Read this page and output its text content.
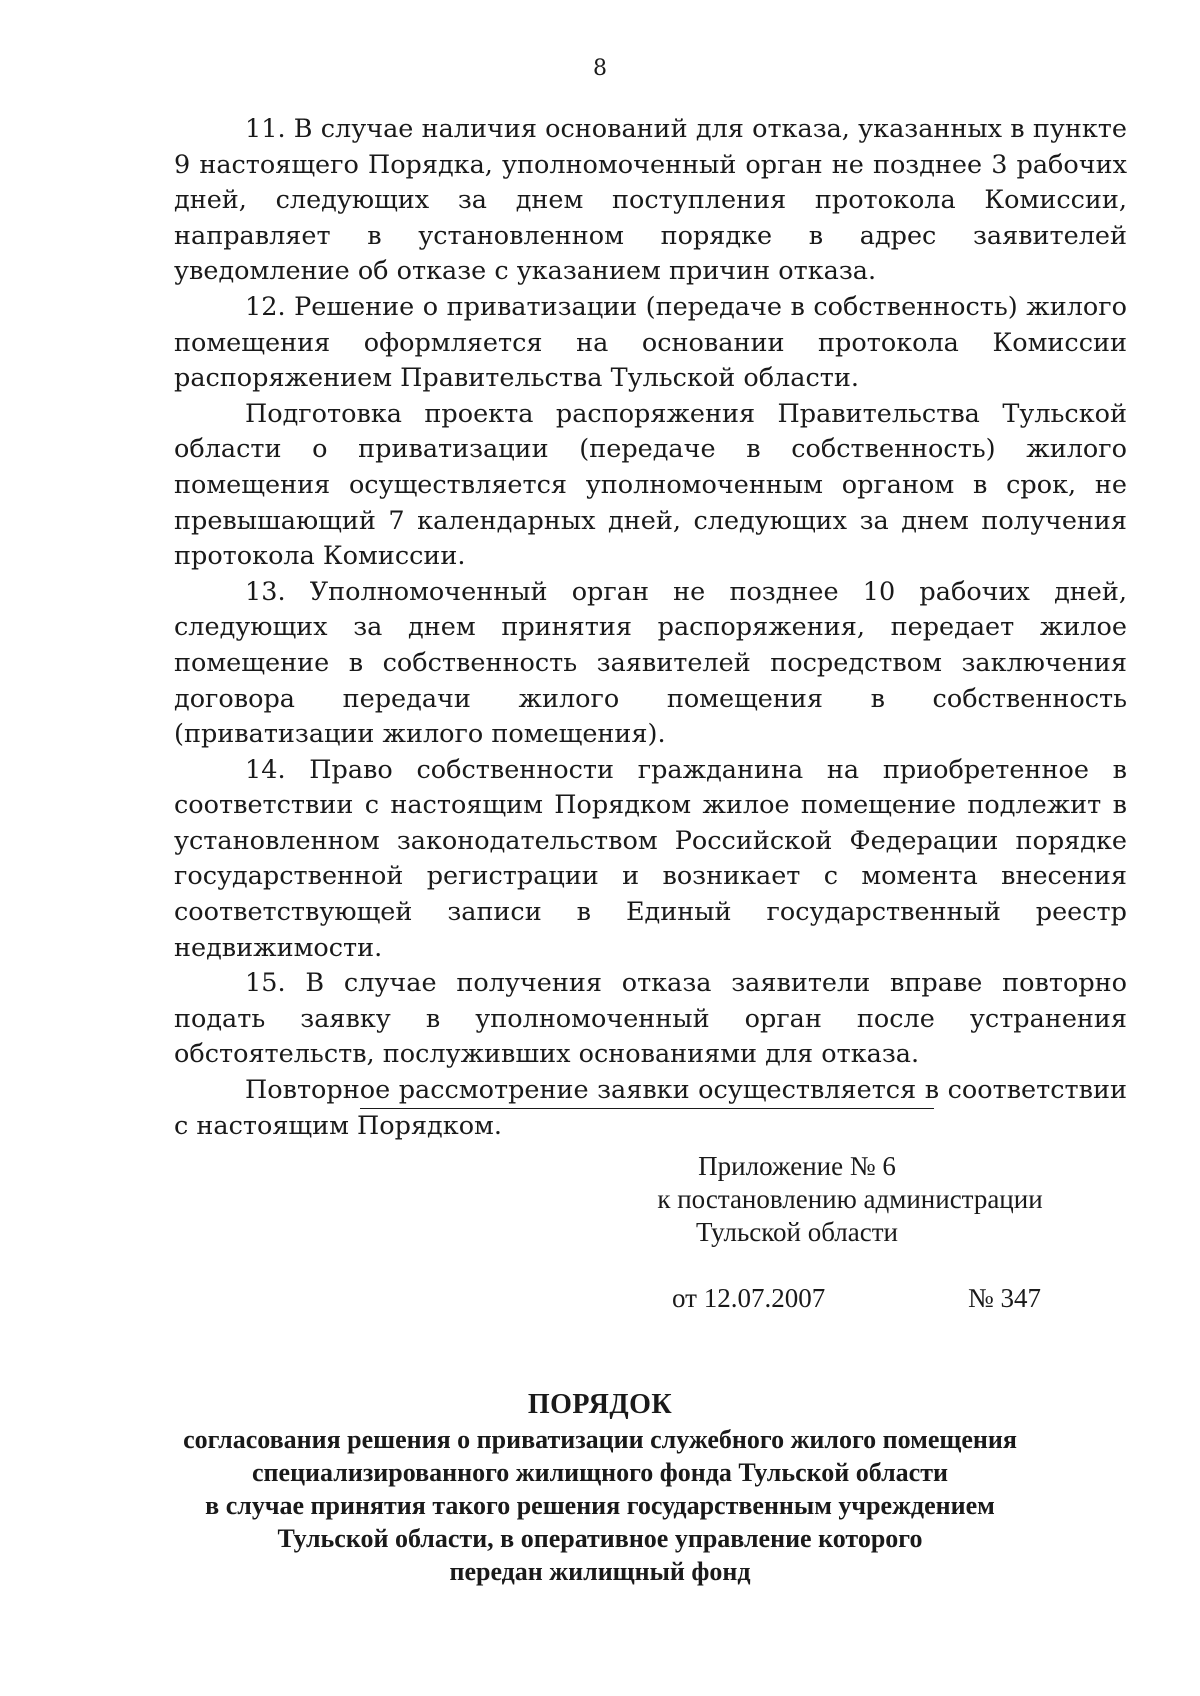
8

11. В случае наличия оснований для отказа, указанных в пункте 9 настоящего Порядка, уполномоченный орган не позднее 3 рабочих дней, следующих за днем поступления протокола Комиссии, направляет в установленном порядке в адрес заявителей уведомление об отказе с указанием причин отказа.

12. Решение о приватизации (передаче в собственность) жилого помещения оформляется на основании протокола Комиссии распоряжением Правительства Тульской области.

Подготовка проекта распоряжения Правительства Тульской области о приватизации (передаче в собственность) жилого помещения осуществляется уполномоченным органом в срок, не превышающий 7 календарных дней, следующих за днем получения протокола Комиссии.

13. Уполномоченный орган не позднее 10 рабочих дней, следующих за днем принятия распоряжения, передает жилое помещение в собственность заявителей посредством заключения договора передачи жилого помещения в собственность (приватизации жилого помещения).

14. Право собственности гражданина на приобретенное в соответствии с настоящим Порядком жилое помещение подлежит в установленном законодательством Российской Федерации порядке государственной регистрации и возникает с момента внесения соответствующей записи в Единый государственный реестр недвижимости.

15. В случае получения отказа заявители вправе повторно подать заявку в уполномоченный орган после устранения обстоятельств, послуживших основаниями для отказа.

Повторное рассмотрение заявки осуществляется в соответствии с настоящим Порядком.

Приложение № 6
к постановлению администрации
Тульской области
от 12.07.2007	№ 347
ПОРЯДОК
согласования решения о приватизации служебного жилого помещения
специализированного жилищного фонда Тульской области
в случае принятия такого решения государственным учреждением
Тульской области, в оперативное управление которого
передан жилищный фонд
